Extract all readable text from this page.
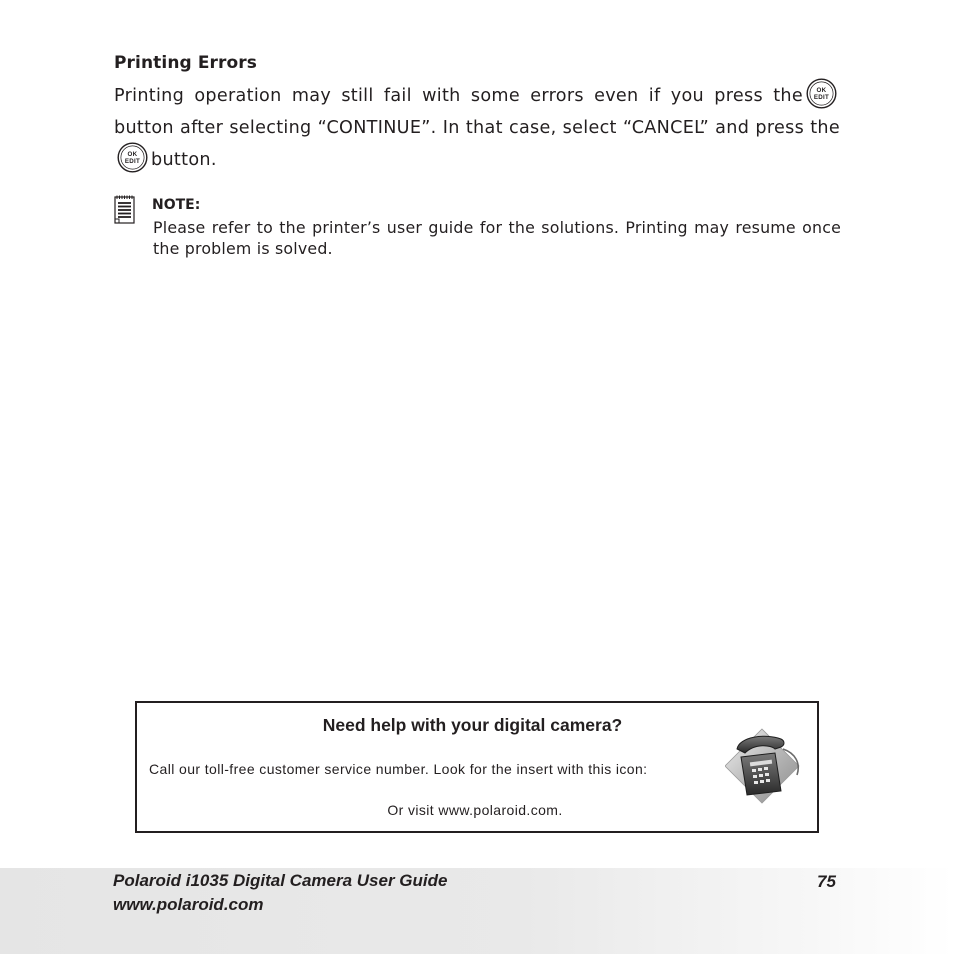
Printing Errors
Printing operation may still fail with some errors even if you press the OK
EDIT
button after selecting “CONTINUE”. In that case, select “CANCEL” and press the
OK
EDIT button.
NOTE:
Please refer to the printer’s user guide for the solutions. Printing may resume once the problem is solved.
Need help with your digital camera?
Call our toll-free customer service number. Look for the insert with this icon:
Or visit www.polaroid.com.
Polaroid i1035 Digital Camera User Guide
www.polaroid.com
75
